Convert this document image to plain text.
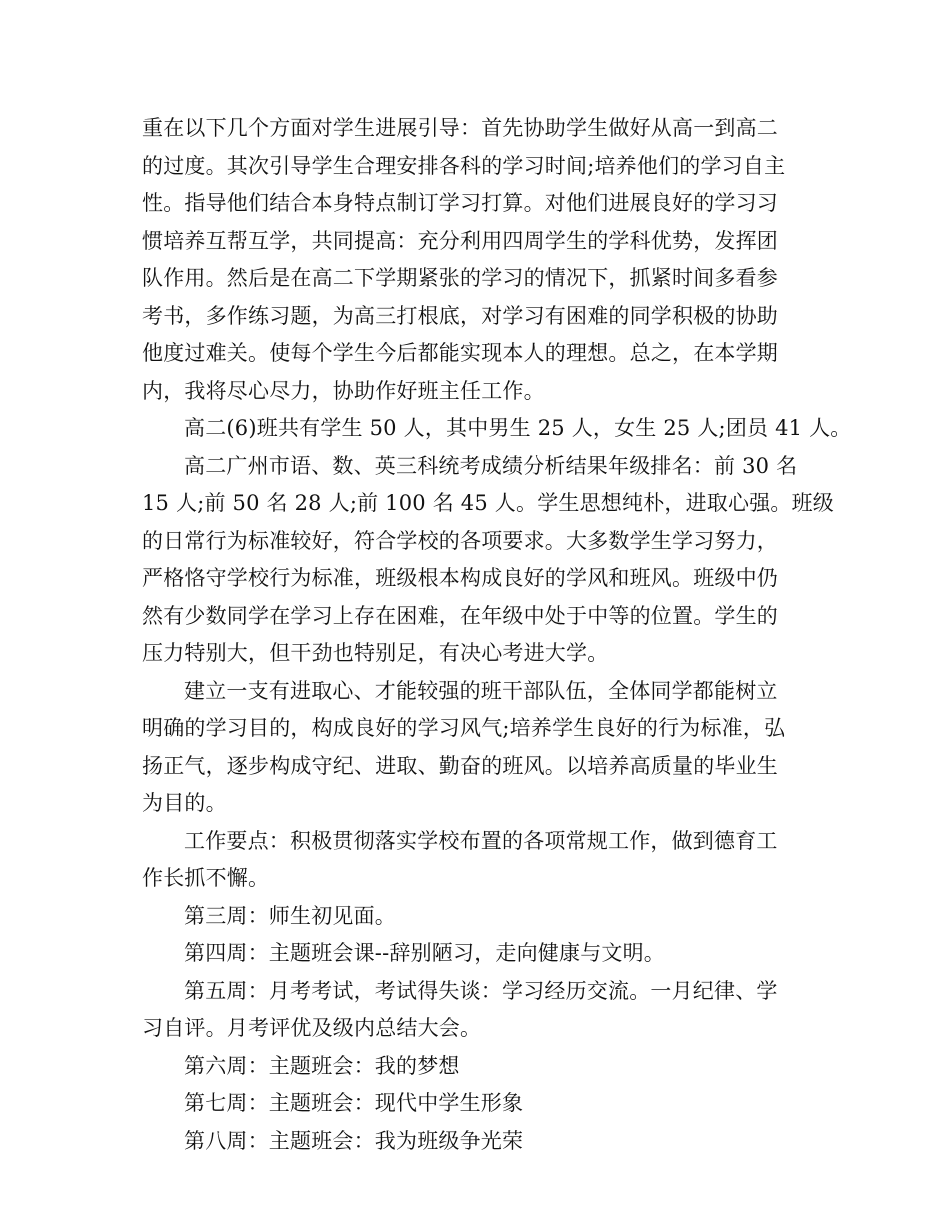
重在以下几个方面对学生进展引导：首先协助学生做好从高一到高二
的过度。其次引导学生合理安排各科的学习时间;培养他们的学习自主
性。指导他们结合本身特点制订学习打算。对他们进展良好的学习习
惯培养互帮互学，共同提高：充分利用四周学生的学科优势，发挥团
队作用。然后是在高二下学期紧张的学习的情况下，抓紧时间多看参
考书，多作练习题，为高三打根底，对学习有困难的同学积极的协助
他度过难关。使每个学生今后都能实现本人的理想。总之，在本学期
内，我将尽心尽力，协助作好班主任工作。

高二(6)班共有学生 50 人，其中男生 25 人，女生 25 人;团员 41 人。

高二广州市语、数、英三科统考成绩分析结果年级排名：前 30 名
15 人;前 50 名 28 人;前 100 名 45 人。学生思想纯朴，进取心强。班级
的日常行为标准较好，符合学校的各项要求。大多数学生学习努力，
严格恪守学校行为标准，班级根本构成良好的学风和班风。班级中仍
然有少数同学在学习上存在困难，在年级中处于中等的位置。学生的
压力特别大，但干劲也特别足，有决心考进大学。

建立一支有进取心、才能较强的班干部队伍，全体同学都能树立
明确的学习目的，构成良好的学习风气;培养学生良好的行为标准，弘
扬正气，逐步构成守纪、进取、勤奋的班风。以培养高质量的毕业生
为目的。

工作要点：积极贯彻落实学校布置的各项常规工作，做到德育工
作长抓不懈。

第三周：师生初见面。

第四周：主题班会课--辞别陋习，走向健康与文明。

第五周：月考考试，考试得失谈：学习经历交流。一月纪律、学
习自评。月考评优及级内总结大会。

第六周：主题班会：我的梦想

第七周：主题班会：现代中学生形象

第八周：主题班会：我为班级争光荣
